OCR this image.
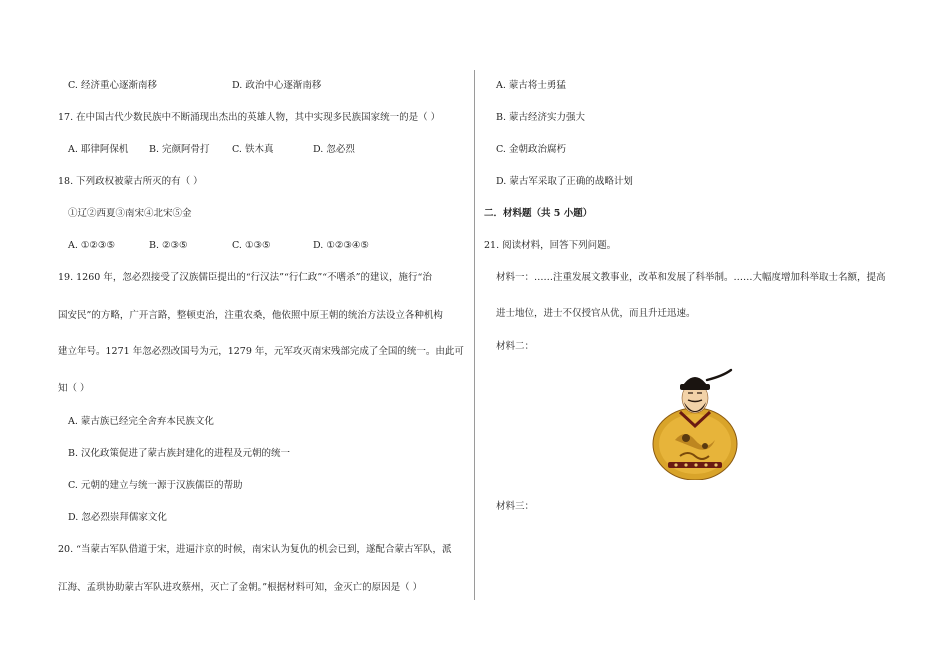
C. 经济重心逐渐南移	D. 政治中心逐渐南移
17. 在中国古代少数民族中不断涌现出杰出的英雄人物，其中实现多民族国家统一的是（ ）
A. 耶律阿保机 B. 完颜阿骨打 C. 铁木真	D. 忽必烈
18. 下列政权被蒙古所灭的有（ ）
①辽②西夏③南宋④北宋⑤金
A. ①②③⑤	B. ②③⑤	C. ①③⑤	D. ①②③④⑤
19. 1260 年，忽必烈接受了汉族儒臣提出的“行汉法”“行仁政”“不嗜杀”的建议，施行“治
国安民”的方略，广开言路，整顿吏治，注重农桑，他依照中原王朝的统治方法设立各种机构
建立年号。1271 年忽必烈改国号为元，1279 年，元军攻灭南宋残部完成了全国的统一。由此可
知（ ）
A. 蒙古族已经完全舍弃本民族文化
B. 汉化政策促进了蒙古族封建化的进程及元朝的统一
C. 元朝的建立与统一源于汉族儒臣的帮助
D. 忽必烈崇拜儒家文化
20. “当蒙古军队借道于宋，进逼汴京的时候，南宋认为复仇的机会已到，遂配合蒙古军队，派
江海、孟珙协助蒙古军队进攻蔡州，灭亡了金朝。”根据材料可知，金灭亡的原因是（ ）
A. 蒙古将士勇猛
B. 蒙古经济实力强大
C. 金朝政治腐朽
D. 蒙古军采取了正确的战略计划
二．材料题（共 5 小题）
21. 阅读材料，回答下列问题。
材料一：……注重发展文教事业，改革和发展了科举制。……大幅度增加科举取士名额，提高
进士地位，进士不仅授官从优，而且升迁迅速。
材料二：
材料三：
